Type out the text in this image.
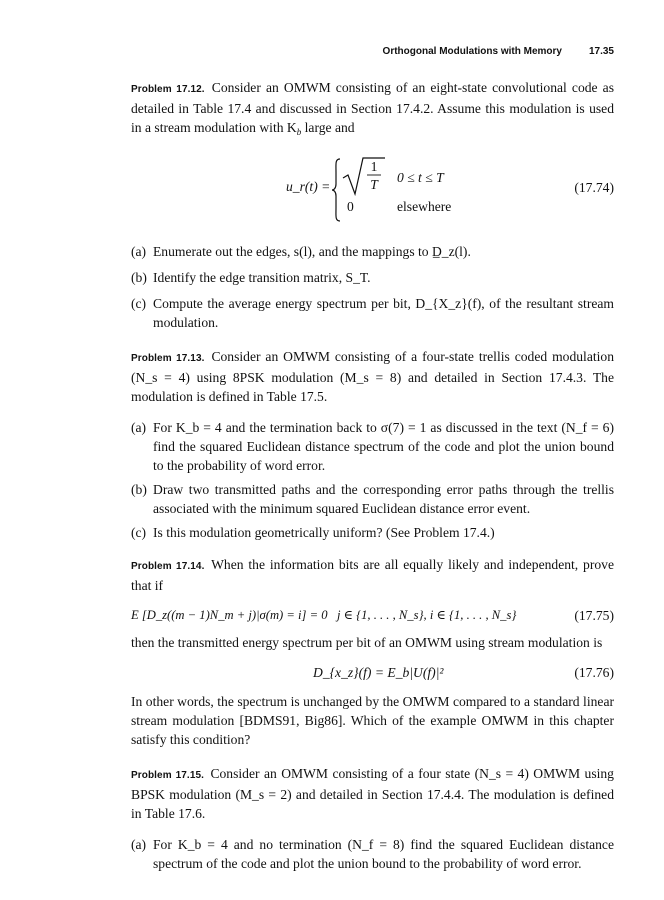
Orthogonal Modulations with Memory	17.35

Problem 17.12. Consider an OMWM consisting of an eight-state convolutional code as detailed in Table 17.4 and discussed in Section 17.4.2. Assume this modulation is used in a stream modulation with $K_b$ large and

u_r(t) =
1
T 0 ≤ t ≤ T
0	elsewhere
(17.74)
(a) Enumerate out the edges, s(l), and the mappings to D̲_z(l).
(b) Identify the edge transition matrix, S_T.
(c) Compute the average energy spectrum per bit, D_{X_z}(f), of the resultant stream modulation.

Problem 17.13. Consider an OMWM consisting of a four-state trellis coded modulation (N_s = 4) using 8PSK modulation (M_s = 8) and detailed in Section 17.4.3. The modulation is defined in Table 17.5.

(a) For K_b = 4 and the termination back to σ(7) = 1 as discussed in the text (N_f = 6) find the squared Euclidean distance spectrum of the code and plot the union bound to the probability of word error.
(b) Draw two transmitted paths and the corresponding error paths through the trellis associated with the minimum squared Euclidean distance error event.
(c) Is this modulation geometrically uniform? (See Problem 17.4.)

Problem 17.14. When the information bits are all equally likely and independent, prove that if

E [D_z((m − 1)N_m + j)|σ(m) = i] = 0   j ∈ {1, . . . , N_s}, i ∈ {1, . . . , N_s}	(17.75)

then the transmitted energy spectrum per bit of an OMWM using stream modulation is

D_{x_z}(f) = E_b|U(f)|²	(17.76)

In other words, the spectrum is unchanged by the OMWM compared to a standard linear stream modulation [BDMS91, Big86]. Which of the example OMWM in this chapter satisfy this condition?

Problem 17.15. Consider an OMWM consisting of a four state (N_s = 4) OMWM using BPSK modulation (M_s = 2) and detailed in Section 17.4.4. The modulation is defined in Table 17.6.

(a) For K_b = 4 and no termination (N_f = 8) find the squared Euclidean distance spectrum of the code and plot the union bound to the probability of word error.
